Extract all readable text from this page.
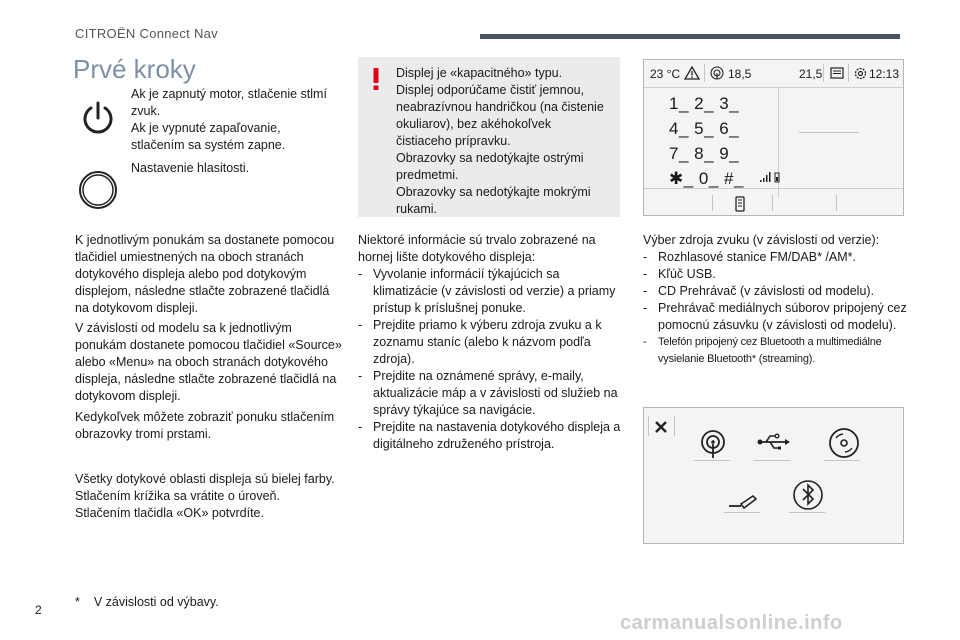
CITROËN Connect Nav
Prvé kroky
Ak je zapnutý motor, stlačenie stlmí zvuk.
Ak je vypnuté zapaľovanie, stlačením sa systém zapne.
Nastavenie hlasitosti.

K jednotlivým ponukám sa dostanete pomocou tlačidiel umiestnených na oboch stranách dotykového displeja alebo pod dotykovým displejom, následne stlačte zobrazené tlačidlá na dotykovom displeji.

V závislosti od modelu sa k jednotlivým ponukám dostanete pomocou tlačidiel «Source» alebo «Menu» na oboch stranách dotykového displeja, následne stlačte zobrazené tlačidlá na dotykovom displeji.

Kedykoľvek môžete zobraziť ponuku stlačením obrazovky tromi prstami.

Všetky dotykové oblasti displeja sú bielej farby.
Stlačením krížika sa vrátite o úroveň.
Stlačením tlačidla «OK» potvrdíte.

* V závislosti od výbavy.
Displej je «kapacitného» typu.
Displej odporúčame čistiť jemnou, neabrazívnou handričkou (na čistenie okuliarov), bez akéhokoľvek čistiaceho prípravku.
Obrazovky sa nedotýkajte ostrými predmetmi.
Obrazovky sa nedotýkajte mokrými rukami.
Niektoré informácie sú trvalo zobrazené na hornej lište dotykového displeja:
- Vyvolanie informácií týkajúcich sa klimatizácie (v závislosti od verzie) a priamy prístup k príslušnej ponuke.
- Prejdite priamo k výberu zdroja zvuku a k zoznamu staníc (alebo k názvom podľa zdroja).
- Prejdite na oznámené správy, e-maily, aktualizácie máp a v závislosti od služieb na správy týkajúce sa navigácie.
- Prejdite na nastavenia dotykového displeja a digitálneho združeného prístroja.
23 °C	18,5	21,5	12:13
1_ 2_ 3_
4_ 5_ 6_
7_ 8_ 9_
✱_ 0_ #_
Výber zdroja zvuku (v závislosti od verzie):
- Rozhlasové stanice FM/DAB* /AM*.
- Kľúč USB.
- CD Prehrávač (v závislosti od modelu).
- Prehrávač mediálnych súborov pripojený cez pomocnú zásuvku (v závislosti od modelu).
- Telefón pripojený cez Bluetooth a multimediálne vysielanie Bluetooth* (streaming).
2
carmanualsonline.info
